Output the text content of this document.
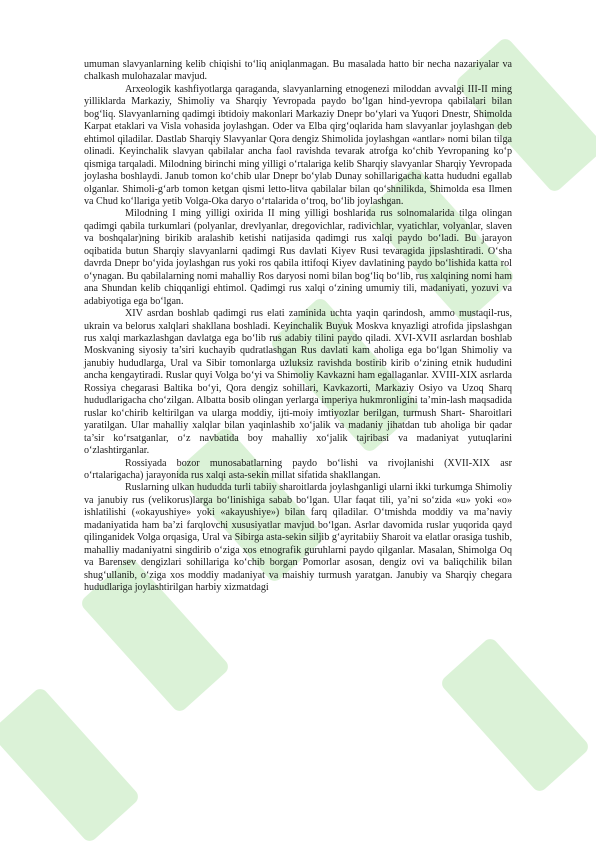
umuman slavyanlarning kelib chiqishi to‘liq aniqlanmagan. Bu masalada hatto bir necha nazariyalar va chalkash mulohazalar mavjud.

Arxeologik kashfiyotlarga qaraganda, slavyanlarning etnogenezi miloddan avvalgi III-II ming yilliklarda Markaziy, Shimoliy va Sharqiy Yevropada paydo bo‘lgan hind-yevropa qabilalari bilan bog‘liq. Slavyanlarning qadimgi ibtidoiy makonlari Markaziy Dnepr bo‘ylari va Yuqori Dnestr, Shimolda Karpat etaklari va Visla vohasida joylashgan. Oder va Elba qirg‘oqlarida ham slavyanlar joylashgan deb ehtimol qiladilar. Dastlab Sharqiy Slavyanlar Qora dengiz Shimolida joylashgan «antlar» nomi bilan tilga olinadi. Keyinchalik slavyan qabilalar ancha faol ravishda tevarak atrofga ko‘chib Yevropaning ko‘p qismiga tarqaladi. Milodning birinchi ming yilligi o‘rtalariga kelib Sharqiy slavyanlar Sharqiy Yevropada joylasha boshlaydi. Janub tomon ko‘chib ular Dnepr bo‘ylab Dunay sohillarigacha katta hududni egallab olganlar. Shimoli-g‘arb tomon ketgan qismi letto-litva qabilalar bilan qo‘shnilikda, Shimolda esa Ilmen va Chud ko‘llariga yetib Volga-Oka daryo o‘rtalarida o‘troq, bo‘lib joylashgan.

Milodning I ming yilligi oxirida II ming yilligi boshlarida rus solnomalarida tilga olingan qadimgi qabila turkumlari (polyanlar, drevlyanlar, dregovichlar, radivichlar, vyatichlar, volyanlar, slaven va boshqalar)ning birikib aralashib ketishi natijasida qadimgi rus xalqi paydo bo‘ladi. Bu jarayon oqibatida butun Sharqiy slavyanlarni qadimgi Rus davlati Kiyev Rusi tevaragida jipslashtiradi. O‘sha davrda Dnepr bo‘yida joylashgan rus yoki ros qabila ittifoqi Kiyev davlatining paydo bo‘lishida katta rol o‘ynagan. Bu qabilalarning nomi mahalliy Ros daryosi nomi bilan bog‘liq bo‘lib, rus xalqining nomi ham ana Shundan kelib chiqqanligi ehtimol. Qadimgi rus xalqi o‘zining umumiy tili, madaniyati, yozuvi va adabiyotiga ega bo‘lgan.

XIV asrdan boshlab qadimgi rus elati zaminida uchta yaqin qarindosh, ammo mustaqil-rus, ukrain va belorus xalqlari shakllana boshladi. Keyinchalik Buyuk Moskva knyazligi atrofida jipslashgan rus xalqi markazlashgan davlatga ega bo‘lib rus adabiy tilini paydo qiladi. XVI-XVII asrlardan boshlab Moskvaning siyosiy ta’siri kuchayib qudratlashgan Rus davlati kam aholiga ega bo‘lgan Shimoliy va janubiy hududlarga, Ural va Sibir tomonlarga uzluksiz ravishda bostirib kirib o‘zining etnik hududini ancha kengaytiradi. Ruslar quyi Volga bo‘yi va Shimoliy Kavkazni ham egallaganlar. XVIII-XIX asrlarda Rossiya chegarasi Baltika bo‘yi, Qora dengiz sohillari, Kavkazorti, Markaziy Osiyo va Uzoq Sharq hududlarigacha cho‘zilgan. Albatta bosib olingan yerlarga imperiya hukmronligini ta’min-lash maqsadida ruslar ko‘chirib keltirilgan va ularga moddiy, ijti-moiy imtiyozlar berilgan, turmush Shart- Sharoitlari yaratilgan. Ular mahalliy xalqlar bilan yaqinlashib xo‘jalik va madaniy jihatdan tub aholiga bir qadar ta’sir ko‘rsatganlar, o‘z navbatida boy mahalliy xo‘jalik tajribasi va madaniyat yutuqlarini o‘zlashtirganlar.

Rossiyada bozor munosabatlarning paydo bo‘lishi va rivojlanishi (XVII-XIX asr o‘rtalarigacha) jarayonida rus xalqi asta-sekin millat sifatida shakllangan.

Ruslarning ulkan hududda turli tabiiy sharoitlarda joylashganligi ularni ikki turkumga Shimoliy va janubiy rus (velikorus)larga bo‘linishiga sabab bo‘lgan. Ular faqat tili, ya’ni so‘zida «u» yoki «o» ishlatilishi («okayushiye» yoki «akayushiye») bilan farq qiladilar. O‘tmishda moddiy va ma’naviy madaniyatida ham ba’zi farqlovchi xususiyatlar mavjud bo‘lgan. Asrlar davomida ruslar yuqorida qayd qilinganidek Volga orqasiga, Ural va Sibirga asta-sekin siljib g‘ayritabiiy Sharoit va elatlar orasiga tushib, mahalliy madaniyatni singdirib o‘ziga xos etnografik guruhlarni paydo qilganlar. Masalan, Shimolga Oq va Barensev dengizlari sohillariga ko‘chib borgan Pomorlar asosan, dengiz ovi va baliqchilik bilan shug‘ullanib, o‘ziga xos moddiy madaniyat va maishiy turmush yaratgan. Janubiy va Sharqiy chegara hududlariga joylashtirilgan harbiy xizmatdagi
